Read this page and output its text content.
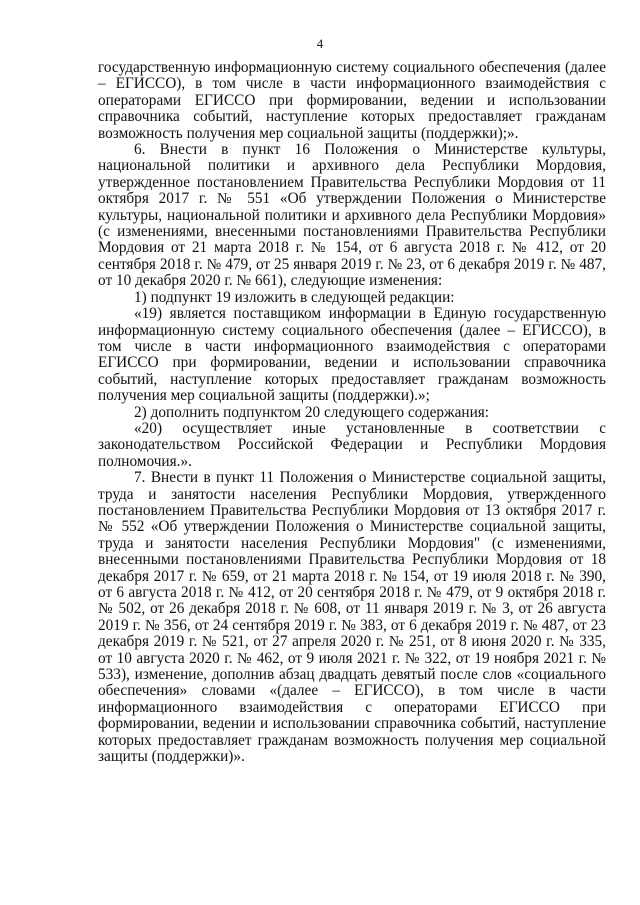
4

государственную информационную систему социального обеспечения (далее – ЕГИССО), в том числе в части информационного взаимодействия с операторами ЕГИССО при формировании, ведении и использовании справочника событий, наступление которых предоставляет гражданам возможность получения мер социальной защиты (поддержки);».

6. Внести в пункт 16 Положения о Министерстве культуры, национальной политики и архивного дела Республики Мордовия, утвержденное постановлением Правительства Республики Мордовия от 11 октября 2017 г. № 551 «Об утверждении Положения о Министерстве культуры, национальной политики и архивного дела Республики Мордовия» (с изменениями, внесенными постановлениями Правительства Республики Мордовия от 21 марта 2018 г. № 154, от 6 августа 2018 г. № 412, от 20 сентября 2018 г. № 479, от 25 января 2019 г. № 23, от 6 декабря 2019 г. № 487, от 10 декабря 2020 г. № 661), следующие изменения:

1) подпункт 19 изложить в следующей редакции:

«19) является поставщиком информации в Единую государственную информационную систему социального обеспечения (далее – ЕГИССО), в том числе в части информационного взаимодействия с операторами ЕГИССО при формировании, ведении и использовании справочника событий, наступление которых предоставляет гражданам возможность получения мер социальной защиты (поддержки).»;

2) дополнить подпунктом 20 следующего содержания:

«20) осуществляет иные установленные в соответствии с законодательством Российской Федерации и Республики Мордовия полномочия.».

7. Внести в пункт 11 Положения о Министерстве социальной защиты, труда и занятости населения Республики Мордовия, утвержденного постановлением Правительства Республики Мордовия от 13 октября 2017 г. № 552 «Об утверждении Положения о Министерстве социальной защиты, труда и занятости населения Республики Мордовия" (с изменениями, внесенными постановлениями Правительства Республики Мордовия от 18 декабря 2017 г. № 659, от 21 марта 2018 г. № 154, от 19 июля 2018 г. № 390, от 6 августа 2018 г. № 412, от 20 сентября 2018 г. № 479, от 9 октября 2018 г. № 502, от 26 декабря 2018 г. № 608, от 11 января 2019 г. № 3, от 26 августа 2019 г. № 356, от 24 сентября 2019 г. № 383, от 6 декабря 2019 г. № 487, от 23 декабря 2019 г. № 521, от 27 апреля 2020 г. № 251, от 8 июня 2020 г. № 335, от 10 августа 2020 г. № 462, от 9 июля 2021 г. № 322, от 19 ноября 2021 г. № 533), изменение, дополнив абзац двадцать девятый после слов «социального обеспечения» словами «(далее – ЕГИССО), в том числе в части информационного взаимодействия с операторами ЕГИССО при формировании, ведении и использовании справочника событий, наступление которых предоставляет гражданам возможность получения мер социальной защиты (поддержки)».
